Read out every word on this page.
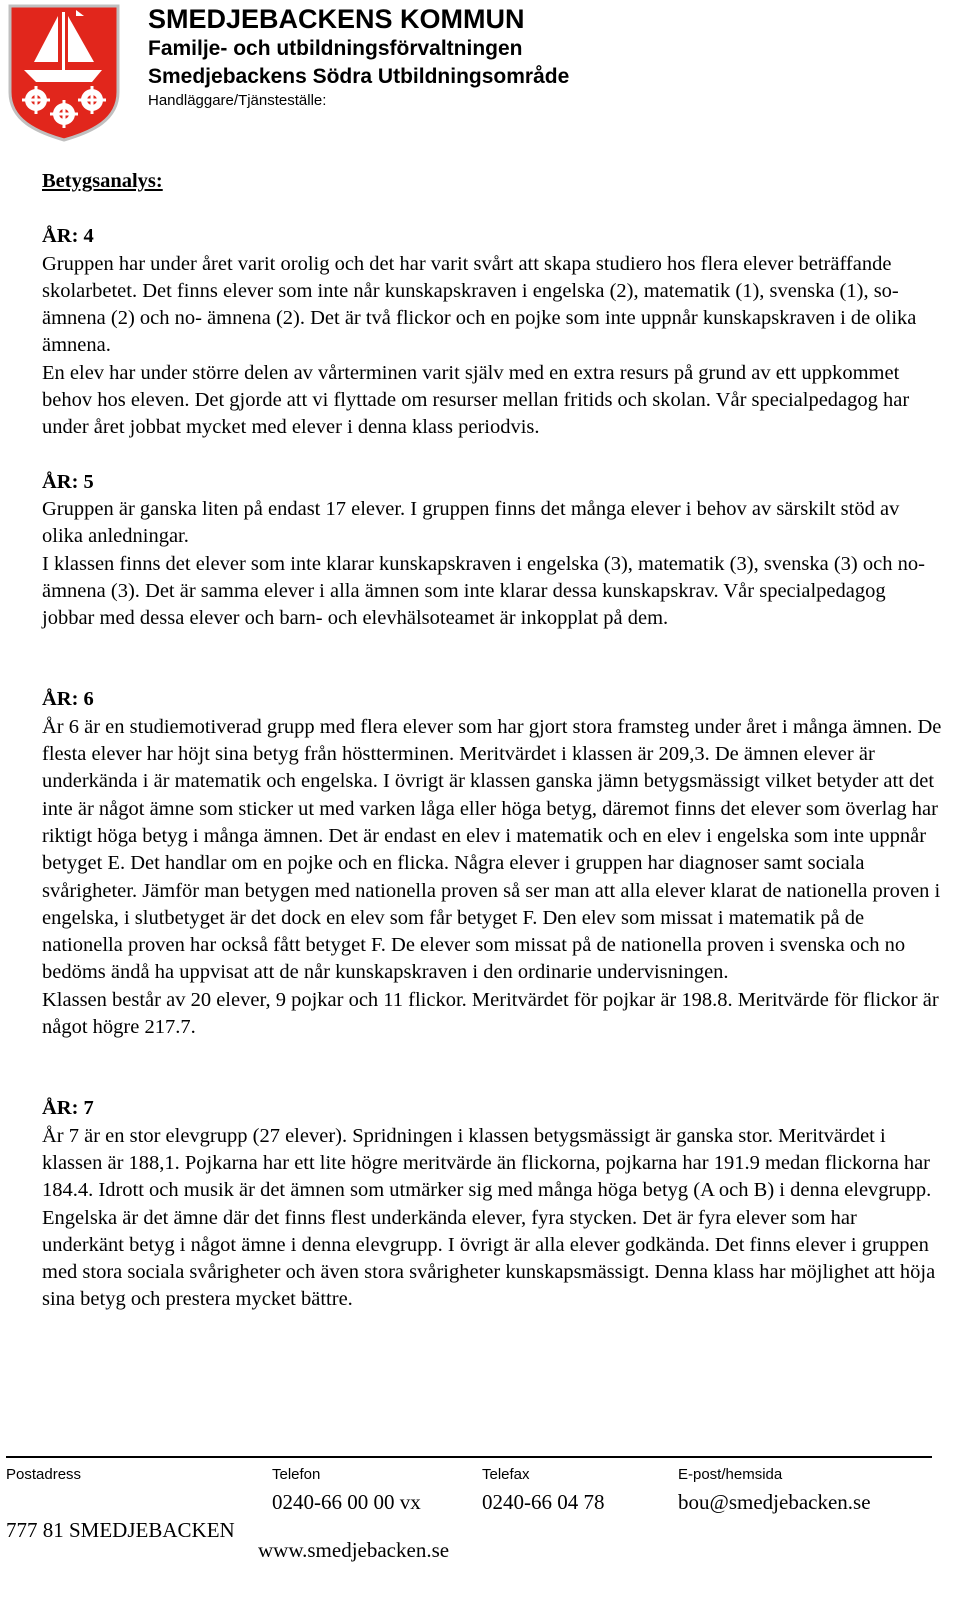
SMEDJEBACKENS KOMMUN
Familje- och utbildningsförvaltningen
Smedjebackens Södra Utbildningsområde
Handläggare/Tjänsteställe:
Betygsanalys:
ÅR: 4

Gruppen har under året varit orolig och det har varit svårt att skapa studiero hos flera elever beträffande skolarbetet. Det finns elever som inte når kunskapskraven i engelska (2), matematik (1), svenska (1), so- ämnena (2) och no- ämnena (2). Det är två flickor och en pojke som inte uppnår kunskapskraven i de olika ämnena.

En elev har under större delen av vårterminen varit själv med en extra resurs på grund av ett uppkommet behov hos eleven. Det gjorde att vi flyttade om resurser mellan fritids och skolan. Vår specialpedagog har under året jobbat mycket med elever i denna klass periodvis.

ÅR: 5

Gruppen är ganska liten på endast 17 elever. I gruppen finns det många elever i behov av särskilt stöd av olika anledningar.

I klassen finns det elever som inte klarar kunskapskraven i engelska (3), matematik (3), svenska (3) och no- ämnena (3). Det är samma elever i alla ämnen som inte klarar dessa kunskapskrav. Vår specialpedagog jobbar med dessa elever och barn- och elevhälsoteamet är inkopplat på dem.

ÅR: 6

År 6 är en studiemotiverad grupp med flera elever som har gjort stora framsteg under året i många ämnen. De flesta elever har höjt sina betyg från höstterminen. Meritvärdet i klassen är 209,3. De ämnen elever är underkända i är matematik och engelska. I övrigt är klassen ganska jämn betygsmässigt vilket betyder att det inte är något ämne som sticker ut med varken låga eller höga betyg, däremot finns det elever som överlag har riktigt höga betyg i många ämnen. Det är endast en elev i matematik och en elev i engelska som inte uppnår betyget E. Det handlar om en pojke och en flicka. Några elever i gruppen har diagnoser samt sociala svårigheter. Jämför man betygen med nationella proven så ser man att alla elever klarat de nationella proven i engelska, i slutbetyget är det dock en elev som får betyget F. Den elev som missat i matematik på de nationella proven har också fått betyget F. De elever som missat på de nationella proven i svenska och no bedöms ändå ha uppvisat att de når kunskapskraven i den ordinarie undervisningen.

Klassen består av 20 elever, 9 pojkar och 11 flickor. Meritvärdet för pojkar är 198.8. Meritvärde för flickor är något högre 217.7.

ÅR: 7

År 7 är en stor elevgrupp (27 elever). Spridningen i klassen betygsmässigt är ganska stor. Meritvärdet i klassen är 188,1. Pojkarna har ett lite högre meritvärde än flickorna, pojkarna har 191.9 medan flickorna har 184.4. Idrott och musik är det ämnen som utmärker sig med många höga betyg (A och B) i denna elevgrupp. Engelska är det ämne där det finns flest underkända elever, fyra stycken. Det är fyra elever som har underkänt betyg i något ämne i denna elevgrupp. I övrigt är alla elever godkända. Det finns elever i gruppen med stora sociala svårigheter och även stora svårigheter kunskapsmässigt. Denna klass har möjlighet att höja sina betyg och prestera mycket bättre.

Postadress
777 81 SMEDJEBACKEN
Telefon
0240-66 00 00 vx
www.smedjebacken.se
Telefax
0240-66 04 78
E-post/hemsida
bou@smedjebacken.se
